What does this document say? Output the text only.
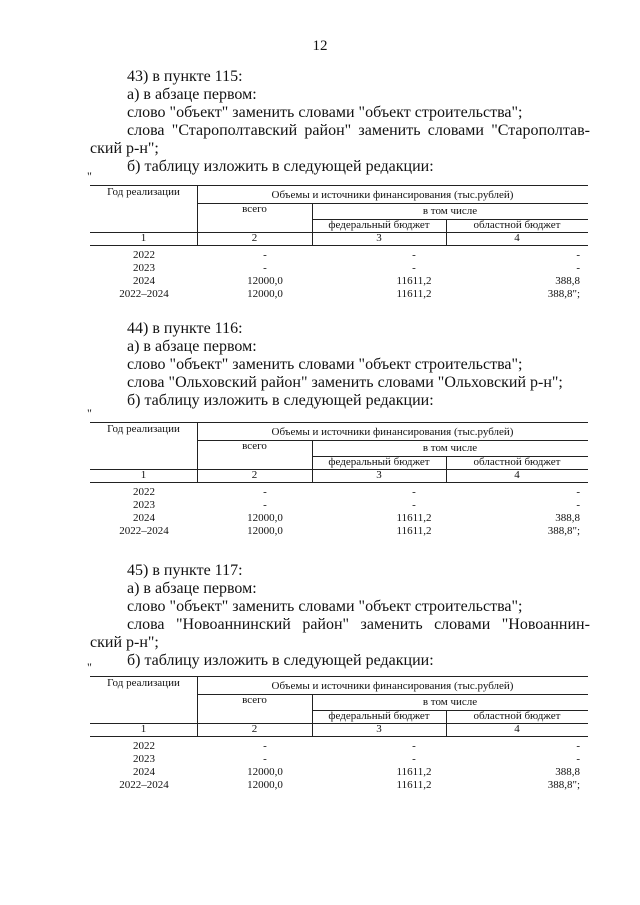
12
43) в пункте 115:
а) в абзаце первом:
слово "объект" заменить словами "объект строительства";
слова "Старополтавский район" заменить словами "Старополтав-
ский р-н";
б) таблицу изложить в следующей редакции:
44) в пункте 116:
а) в абзаце первом:
слово "объект" заменить словами "объект строительства";
слова "Ольховский район" заменить словами "Ольховский р-н";
б) таблицу изложить в следующей редакции:
45) в пункте 117:
а) в абзаце первом:
слово "объект" заменить словами "объект строительства";
слова "Новоаннинский район" заменить словами "Новоаннин-
ский р-н";
б) таблицу изложить в следующей редакции:
"
Год реализации	Объемы и источники финансирования (тыс.рублей)
всего	в том числе
федеральный бюджет	областной бюджет
1	2	3	4
2022	-	-	-
2023	-	-	-
2024	12000,0	11611,2	388,8
2022–2024	12000,0	11611,2	388,8";
"
Год реализации	Объемы и источники финансирования (тыс.рублей)
всего	в том числе
федеральный бюджет	областной бюджет
1	2	3	4
2022	-	-	-
2023	-	-	-
2024	12000,0	11611,2	388,8
2022–2024	12000,0	11611,2	388,8";
"
Год реализации	Объемы и источники финансирования (тыс.рублей)
всего	в том числе
федеральный бюджет	областной бюджет
1	2	3	4
2022	-	-	-
2023	-	-	-
2024	12000,0	11611,2	388,8
2022–2024	12000,0	11611,2	388,8";
